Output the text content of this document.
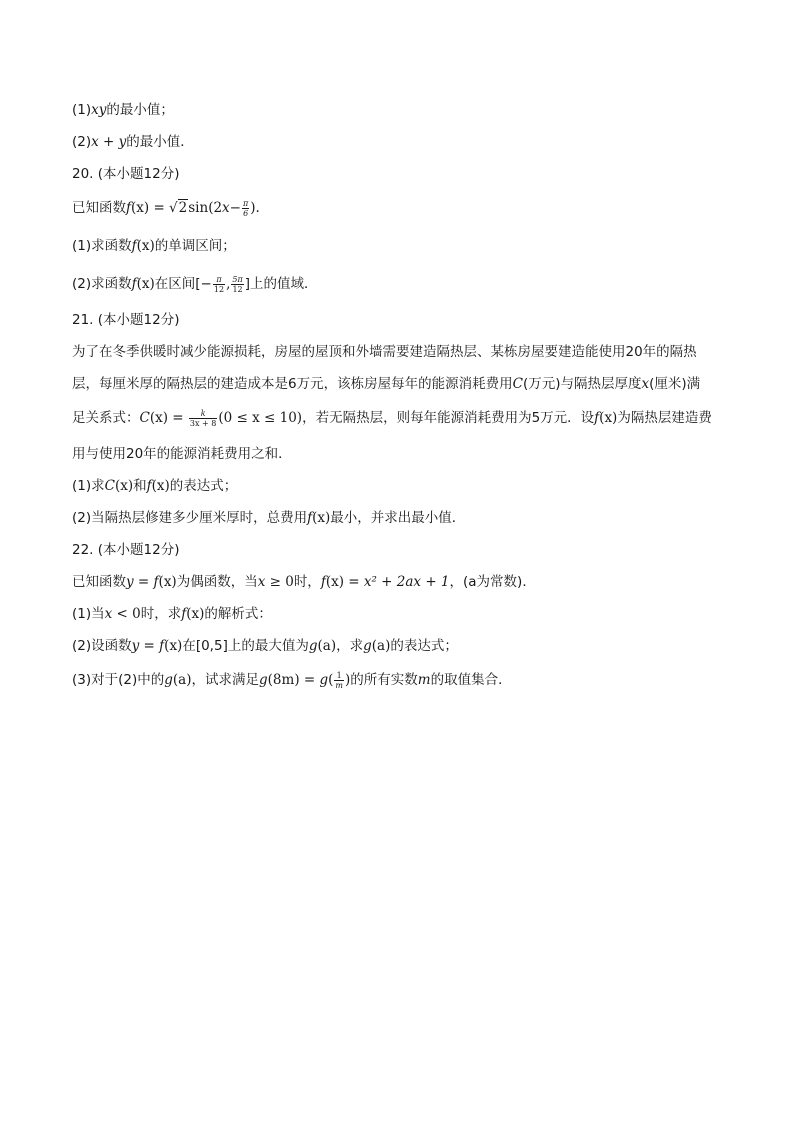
(1)xy的最小值；
(2)x + y的最小值．
20. (本小题12分)
已知函数$f(x) = √2\sin(2x- \frac{\pi}{6}$ ).
(1)求函数f(x)的单调区间；
(2)求函数f(x)在区间[− $\frac{\pi}{12}$ , $\frac{5\pi}{12}$ ]上的值域．
21. (本小题12分)
为了在冬季供暖时减少能源损耗，房屋的屋顶和外墙需要建造隔热层、某栋房屋要建造能使用20年的隔热
层，每厘米厚的隔热层的建造成本是6万元，该栋房屋每年的能源消耗费用C(万元)与隔热层厚度x(厘米)满
足关系式：$C(x) = \frac{k}{3x + 8} (0 \le x \le 10)$，若无隔热层，则每年能源消耗费用为5万元．设f(x)为隔热层建造费
用与使用20年的能源消耗费用之和．
(1)求C(x)和f(x)的表达式；
(2)当隔热层修建多少厘米厚时，总费用f(x)最小，并求出最小值．
22. (本小题12分)
已知函数y = f(x)为偶函数，当x ≥ 0时，f(x) = x² + 2ax + 1，(a为常数)．
(1)当x < 0时，求f(x)的解析式：
(2)设函数y = f(x)在[0,5]上的最大值为g(a)，求g(a)的表达式；
(3)对于(2)中的g(a)，试求满足$g(8m) = g( \frac{1}{m}$ )的所有实数m的取值集合．
